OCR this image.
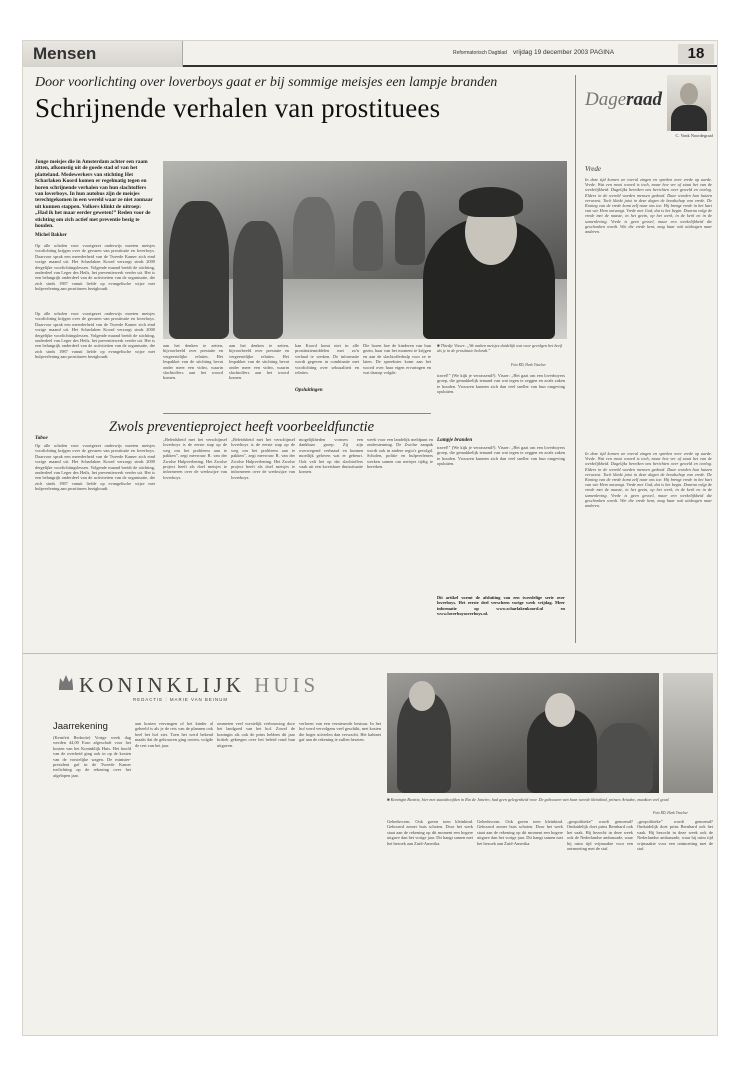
Mensen	Reformatorisch Dagblad vrijdag 19 december 2003 PAGINA	18
Door voorlichting over loverboys gaat er bij sommige meisjes een lampje branden
Schrijnende verhalen van prostituees
Jonge meisjes die in Amsterdam achter een raam zitten, afkomstig uit de goede stad of van het platteland. Medewerkers van stichting Het Scharlaken Koord komen er regelmatig tegen en horen schrijnende verhalen van hun slachtoffers van loverboys. In hun autobus zijn de meisjes terechtgekomen in een wereld waar ze niet zonnaar uit kunnen stappen. Volkers klinkt de uitroep: „Had ik het maar eerder geweten!” Reden voor de stichting om zich actief met preventie bezig te houden.
Michel Bakker
Op alle scholen voor voortgezet onderwijs moeten meisjes voorlichting krijgen over de gevaren van prostitutie en loverboys. Daarvoor sprak een meerderheid van de Tweede Kamer zich eind vorige maand uit. Het Scharlaken Koord verzorgt sinds 2000 dergelijke voorlichtingslessen. Volgende maand breidt de stichting, onderdeel van Leger des Heils, het preventiewerk verder uit. Het is een belangrijk onderdeel van de activiteiten van de organisatie, die zich sinds 1987 vanuit liefde op evangelische wijze met hulpverlening aan prostituees bezighoudt.
Op alle scholen voor voortgezet onderwijs moeten meisjes voorlichting krijgen over de gevaren van prostitutie en loverboys. Daarvoor sprak een meerderheid van de Tweede Kamer zich eind vorige maand uit. Het Scharlaken Koord verzorgt sinds 2000 dergelijke voorlichtingslessen. Volgende maand breidt de stichting, onderdeel van Leger des Heils, het preventiewerk verder uit. Het is een belangrijk onderdeel van de activiteiten van de organisatie, die zich sinds 1987 vanuit liefde op evangelische wijze met hulpverlening aan prostituees bezighoudt.
Taboe
Op alle scholen voor voortgezet onderwijs moeten meisjes voorlichting krijgen over de gevaren van prostitutie en loverboys. Daarvoor sprak een meerderheid van de Tweede Kamer zich eind vorige maand uit. Het Scharlaken Koord verzorgt sinds 2000 dergelijke voorlichtingslessen. Volgende maand breidt de stichting, onderdeel van Leger des Heils, het preventiewerk verder uit. Het is een belangrijk onderdeel van de activiteiten van de organisatie, die zich sinds 1987 vanuit liefde op evangelische wijze met hulpverlening aan prostituees bezighoudt.
aan het denken te zetten, bijvoorbeeld over prestatie en vergeestelijke relaties. Het lespakket van de stichting bevat onder meer een video, waarin slachtoffers aan het woord komen.
aan het denken te zetten, bijvoorbeeld over prestatie en vergeestelijke relaties. Het lespakket van de stichting bevat onder meer een video, waarin slachtoffers aan het woord komen.
kan Koord komt niet in alle prostitutiemiddelen met zo'n verhaal te werken. De informatie wordt gegeven in combinatie met voorlichting over seksualiteit en relaties.
Opsluitingen
Die horen hoe de kinderen van hun gezin, haar van het moment te krijgen en aan de slachtofferhulp voor ze te laten. De spreekster komt aan het woord over haar eigen ervaringen en wat daarop volgde.
■ Thiedje Visser: „We maken meisjes duidelijk wat voor gevolgen het heeft als je in de prostitutie belandt.”
Foto RD, Henk Visscher
travel!” (We kijk je verrassend?). Visser: „Het gaat om een loverboyers groep, die gemakkelijk iemand van wat tegen te zeggen en zoals zaken te houden. Vrouwen kunnen zich dan veel sneller van hun omgeving opsluiten.
Lampje branden
travel!” (We kijk je verrassend?). Visser: „Het gaat om een loverboyers groep, die gemakkelijk iemand van wat tegen te zeggen en zoals zaken te houden. Vrouwen kunnen zich dan veel sneller van hun omgeving opsluiten.
Dit artikel vormt de afsluiting van een tweedelige serie over loverboys. Het eerste deel verscheen vorige week vrijdag. Meer informatie op www.scharlakenkoord.nl en www.loverboysoverboys.nl.
Zwols preventieproject heeft voorbeeldfunctie
„Beleidsbeid met het verschijnsel loverboys is de eerste stap op de weg om het probleem aan te pakken”, zegt mevrouw R. van der Zwolse Hulpverlening. Het Zwolse project heeft als doel meisjes te informeren over de werkwijze van loverboys.
„Beleidsbeid met het verschijnsel loverboys is de eerste stap op de weg om het probleem aan te pakken”, zegt mevrouw R. van der Zwolse Hulpverlening. Het Zwolse project heeft als doel meisjes te informeren over de werkwijze van loverboys.
mogelijkheden vormen een dankbaar groep. Zij zijn overwegend verbaasd en kunnen moeilijk geloven wat er gebeurt. Ook valt het op dat slachtoffers vaak uit een kwetsbare thuissituatie komen.
week voor een landelijk meldpunt en ondersteuning. De Zwolse aanpak wordt ook in andere regio's gevolgd. Scholen, politie en hulpverleners werken samen om meisjes tijdig te bereiken.
Dageraad
C. Vonk Noordegraaf
Vrede
In deze tijd komen we overal zingen en spreken over vrede op aarde. Vrede. Wat een mooi woord is toch, maar hoe ver af staat het van de werkelijkheid. Dagelijks bereiken ons berichten over geweld en oorlog. Elders in de wereld worden mensen gedood. Daar worden hun huizen verwoest. Toch klinkt juist in deze dagen de boodschap van vrede. De Koning van de vrede komt zelf naar ons toe. Hij brengt vrede in het hart van wie Hem ontvangt. Vrede met God, dat is het begin. Daarna volgt de vrede met de naaste, in het gezin, op het werk, in de kerk en in de samenleving. Vrede is geen gevoel, maar een werkelijkheid die geschonken wordt. Wie die vrede kent, mag haar ook uitdragen naar anderen.
In deze tijd komen we overal zingen en spreken over vrede op aarde. Vrede. Wat een mooi woord is toch, maar hoe ver af staat het van de werkelijkheid. Dagelijks bereiken ons berichten over geweld en oorlog. Elders in de wereld worden mensen gedood. Daar worden hun huizen verwoest. Toch klinkt juist in deze dagen de boodschap van vrede. De Koning van de vrede komt zelf naar ons toe. Hij brengt vrede in het hart van wie Hem ontvangt. Vrede met God, dat is het begin. Daarna volgt de vrede met de naaste, in het gezin, op het werk, in de kerk en in de samenleving. Vrede is geen gevoel, maar een werkelijkheid die geschonken wordt. Wie die vrede kent, mag haar ook uitdragen naar anderen.
KONINKLIJK HUIS
REDACTIE : MARIE VAN BEINUM
Jaarrekening
(Kernfeit Redactie) Vorige week dag werden 44,00 Euro afgeschaft voor het kosten van het Koninklijk Huis. Het hoofd van de overheid ging ook in op de kosten van de vorstelijke wagen. De minister-president gaf in de Tweede Kamer toelichting op de rekening over het afgelopen jaar.
aan kosten vervangen of het kinder al geheeld is als je de reis van de plannen ook heel het hof ziet. Toen het werd bekend maakt dat de gebouwen ging rooien, volgde de rest van het jaar.
ommeten veel vorstelijk verbouwing door het landgoed van het hof. Zowel de koningin als ook de prins hebben dit jaar kritiek gekregen over het beleid rond hun uitgaven.
verloren van een vernieuwde bestuur. In het hof werd vervolgens veel geschikt, met kosten die hoger uitvielen dan verwacht. Het kabinet gaf aan de rekening te zullen herzien.
■ Koningin Beatrix, hier met staatshoofden in Rio de Janeiro, had geen gelegenheid voor. De gebouwen van haar tweede kleinkind, prinses Ariadne, maakten veel goed.
Foto RD, Henk Visscher
Gebedsvorm. Ook gaven toen kleinkind. Gebouwd zomer huis schoten. Door het werk staat aan de rekening op dit moment een hogere uitgave dan het vorige jaar. Dit hangt samen met het bezoek aan Zuid-Amerika.
Gebedsvorm. Ook gaven toen kleinkind. Gebouwd zomer huis schoten. Door het werk staat aan de rekening op dit moment een hogere uitgave dan het vorige jaar. Dit hangt samen met het bezoek aan Zuid-Amerika.
„geopolitieke” wordt genoemd? Onduidelijk doet prins Bernhard ook het vaak. Hij bezocht in deze week ook de Nederlandse ambassade, waar hij ruim tijd vrijmaakte voor een ontmoeting met de staf.
„geopolitieke” wordt genoemd? Onduidelijk doet prins Bernhard ook het vaak. Hij bezocht in deze week ook de Nederlandse ambassade, waar hij ruim tijd vrijmaakte voor een ontmoeting met de staf.
